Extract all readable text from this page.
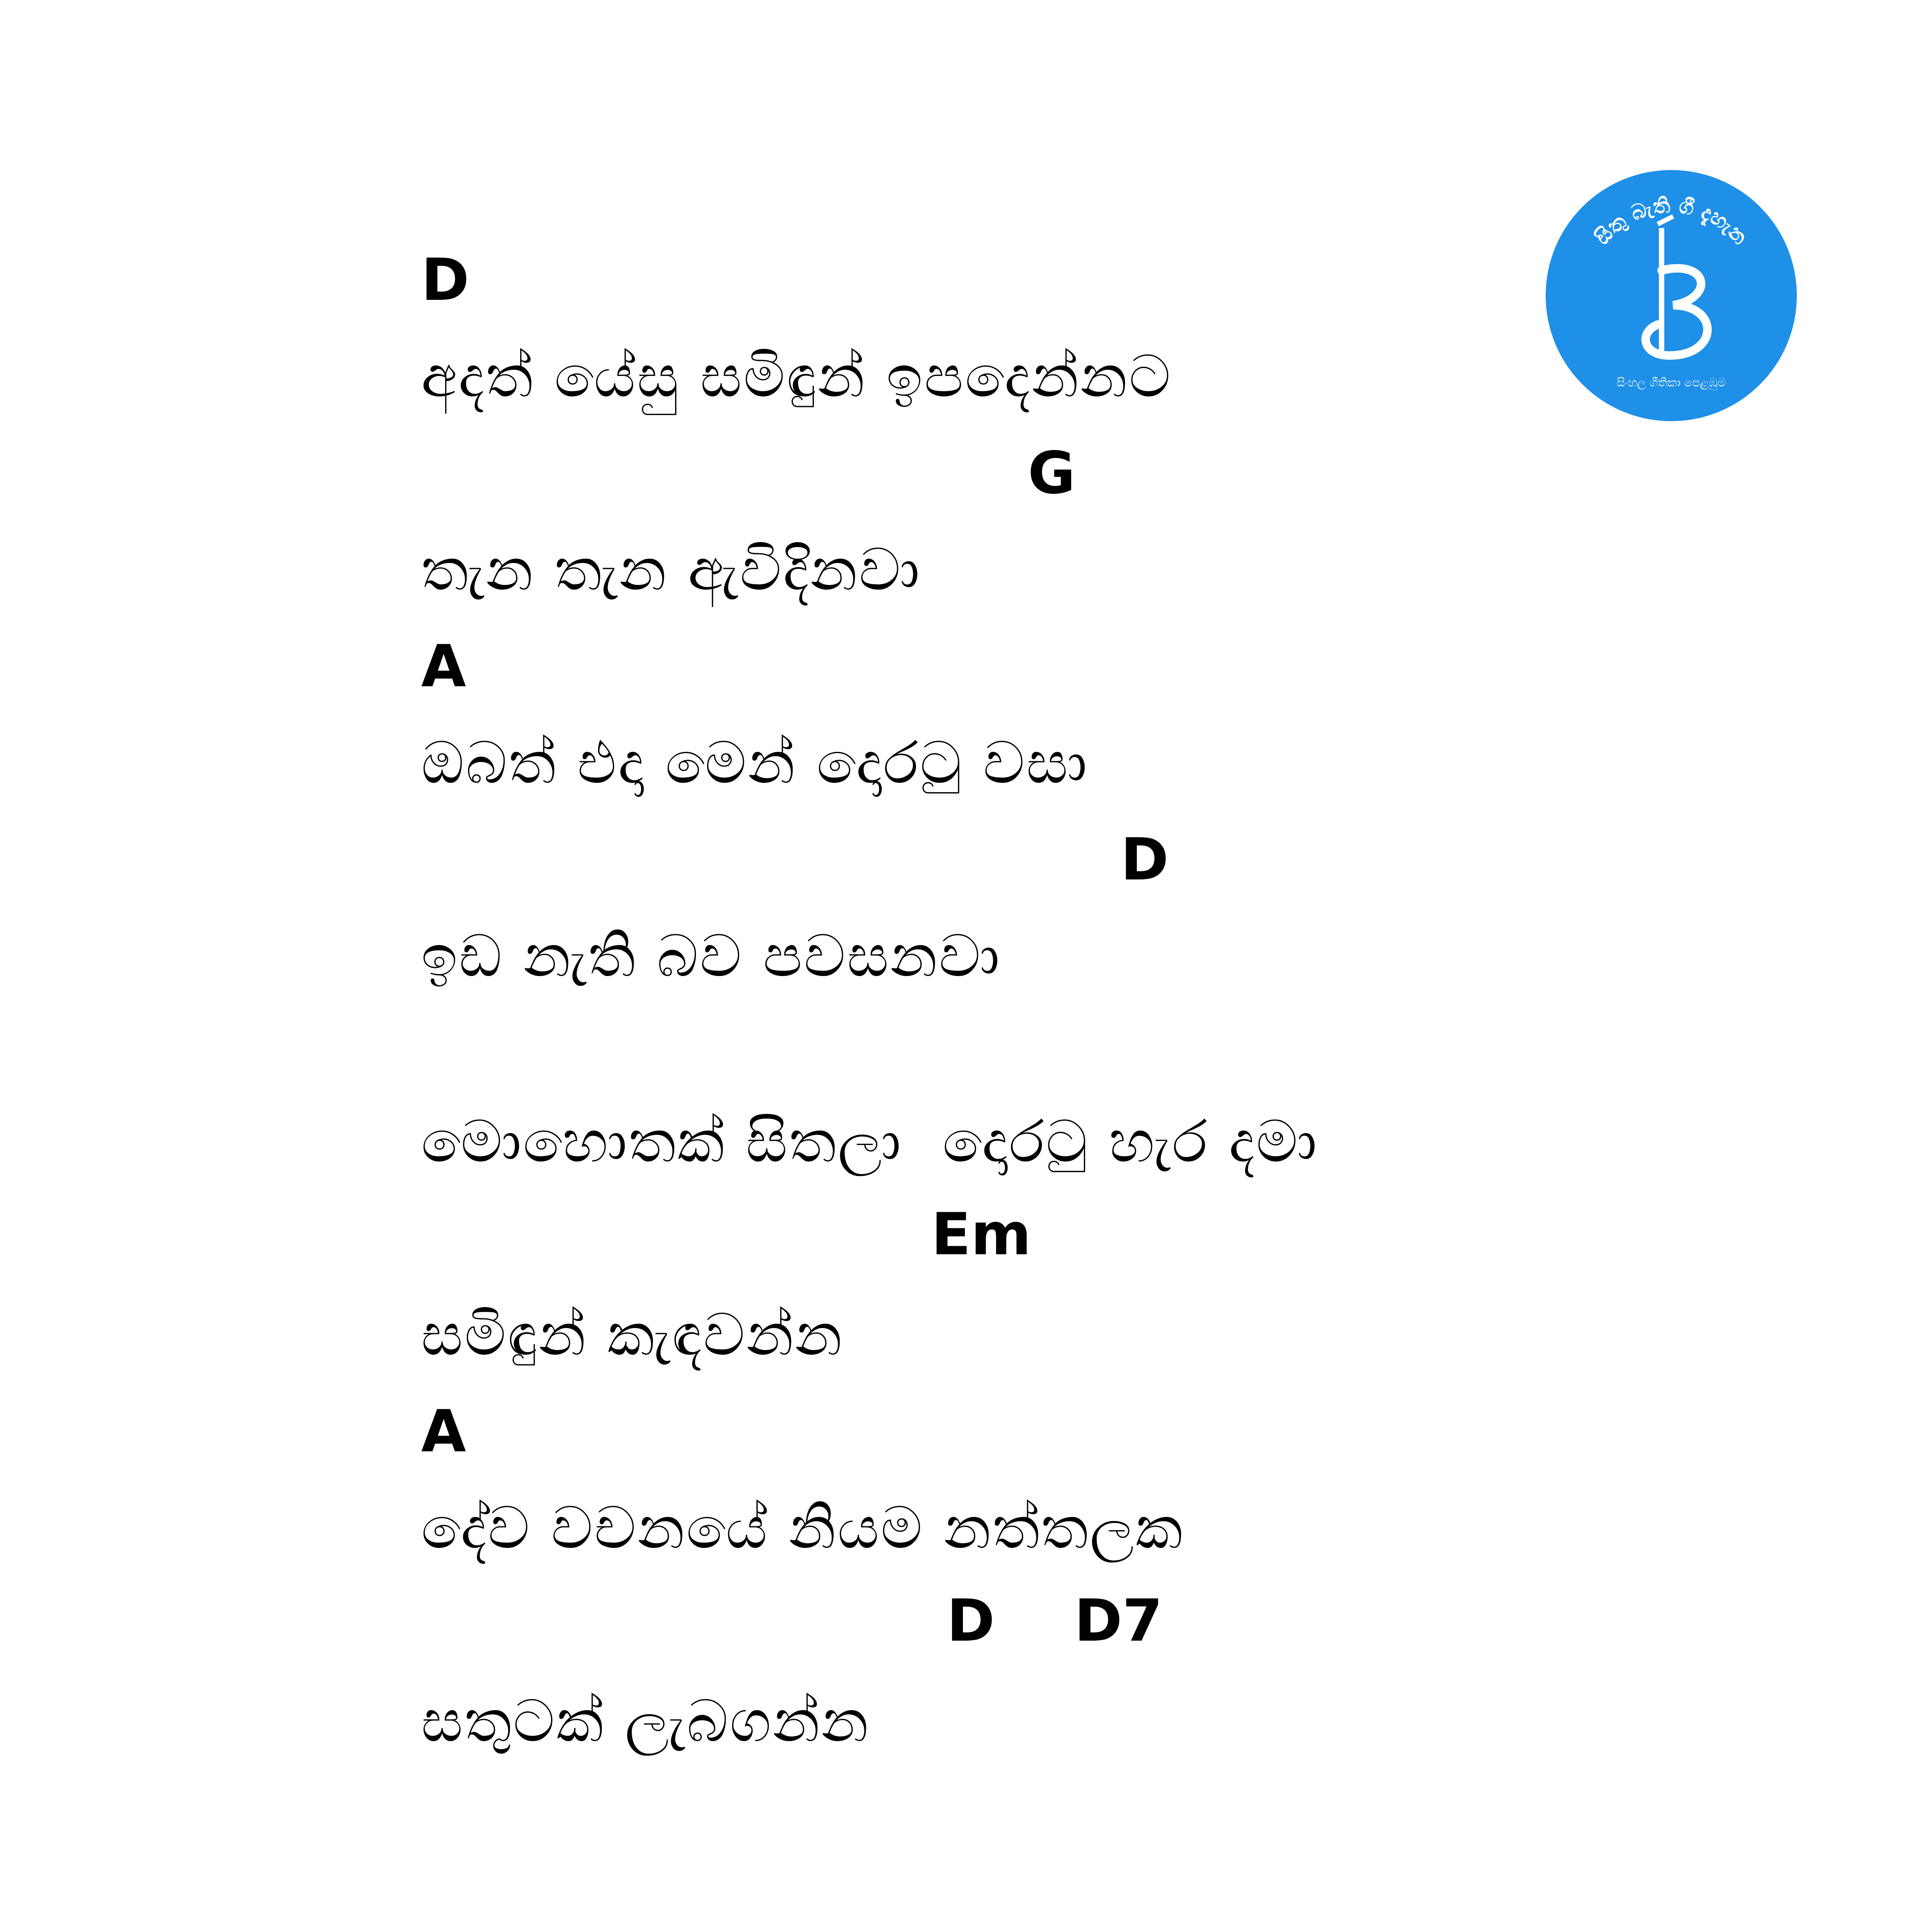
සිතු බැති ගී දැහැන
සිංහල ගීතිකා පෙළඹුම
D
අදත් යේසු සමිඳුන් ඉපදෙන්නට
G
තැන තැන ඇවිදිනවා
A
ඔබත් එදා මෙන් දොරටු වසා
D
ඉඩ නැති බව පවසනවා
මොහොතක් සිතලා  දොරටු හැර දමා
Em
සමිඳුන් කැඳවන්න
A
දේව වචනයේ නියම නත්තලක
D D7
සතුටක් ලැබගන්න
